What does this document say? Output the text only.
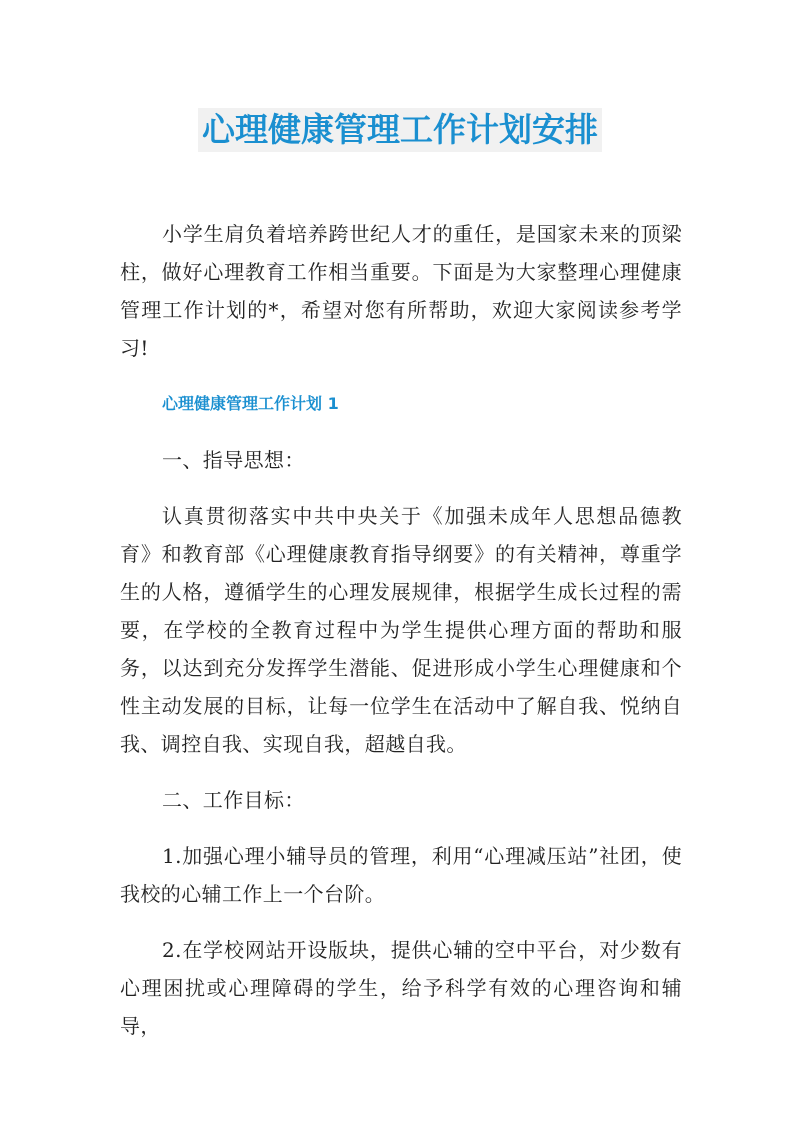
心理健康管理工作计划安排

小学生肩负着培养跨世纪人才的重任，是国家未来的顶梁柱，做好心理教育工作相当重要。下面是为大家整理心理健康管理工作计划的*，希望对您有所帮助，欢迎大家阅读参考学习!

心理健康管理工作计划 1

一、指导思想：

认真贯彻落实中共中央关于《加强未成年人思想品德教育》和教育部《心理健康教育指导纲要》的有关精神，尊重学生的人格，遵循学生的心理发展规律，根据学生成长过程的需要，在学校的全教育过程中为学生提供心理方面的帮助和服务，以达到充分发挥学生潜能、促进形成小学生心理健康和个性主动发展的目标，让每一位学生在活动中了解自我、悦纳自我、调控自我、实现自我，超越自我。

二、工作目标：

1.加强心理小辅导员的管理，利用“心理减压站”社团，使我校的心辅工作上一个台阶。

2.在学校网站开设版块，提供心辅的空中平台，对少数有心理困扰或心理障碍的学生，给予科学有效的心理咨询和辅导，
